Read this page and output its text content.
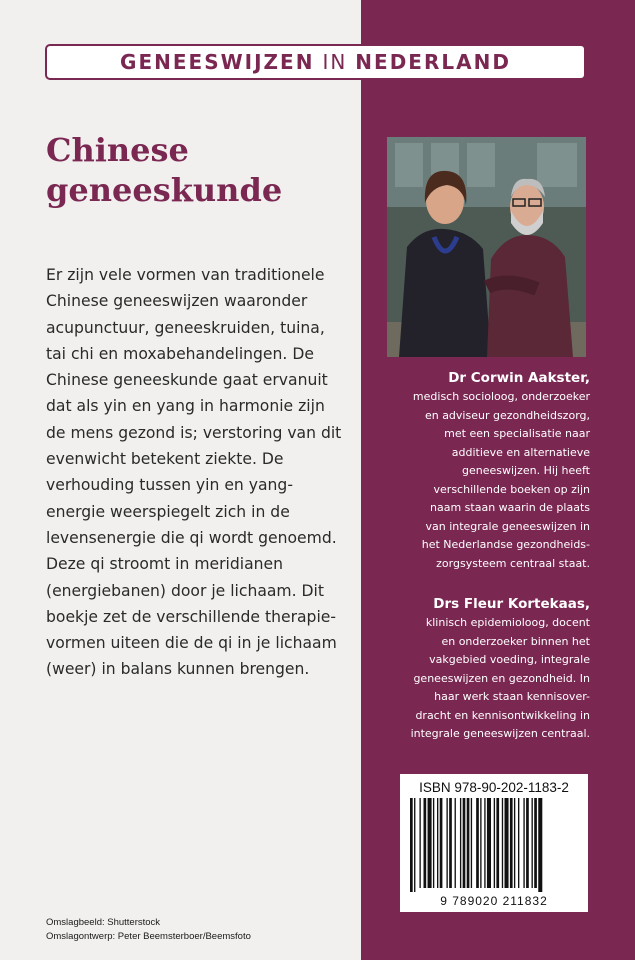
GENEESWIJZEN IN NEDERLAND
Chinese
geneeskunde

Er zijn vele vormen van traditionele
Chinese geneeswijzen waaronder
acupunctuur, geneeskruiden, tuina,
tai chi en moxabehandelingen. De
Chinese geneeskunde gaat ervanuit
dat als yin en yang in harmonie zijn
de mens gezond is; verstoring van dit
evenwicht betekent ziekte. De
verhouding tussen yin en yang-
energie weerspiegelt zich in de
levensenergie die qi wordt genoemd.
Deze qi stroomt in meridianen
(energiebanen) door je lichaam. Dit
boekje zet de verschillende therapie-
vormen uiteen die de qi in je lichaam
(weer) in balans kunnen brengen.

Dr Corwin Aakster,
medisch socioloog, onderzoeker
en adviseur gezondheidszorg,
met een specialisatie naar
additieve en alternatieve
geneeswijzen. Hij heeft
verschillende boeken op zijn
naam staan waarin de plaats
van integrale geneeswijzen in
het Nederlandse gezondheids-
zorgsysteem centraal staat.
Drs Fleur Kortekaas,
klinisch epidemioloog, docent
en onderzoeker binnen het
vakgebied voeding, integrale
geneeswijzen en gezondheid. In
haar werk staan kennisover-
dracht en kennisontwikkeling in
integrale geneeswijzen centraal.
ISBN 978-90-202-1183-2
9 789020 211832
Omslagbeeld: Shutterstock
Omslagontwerp: Peter Beemsterboer/Beemsfoto
